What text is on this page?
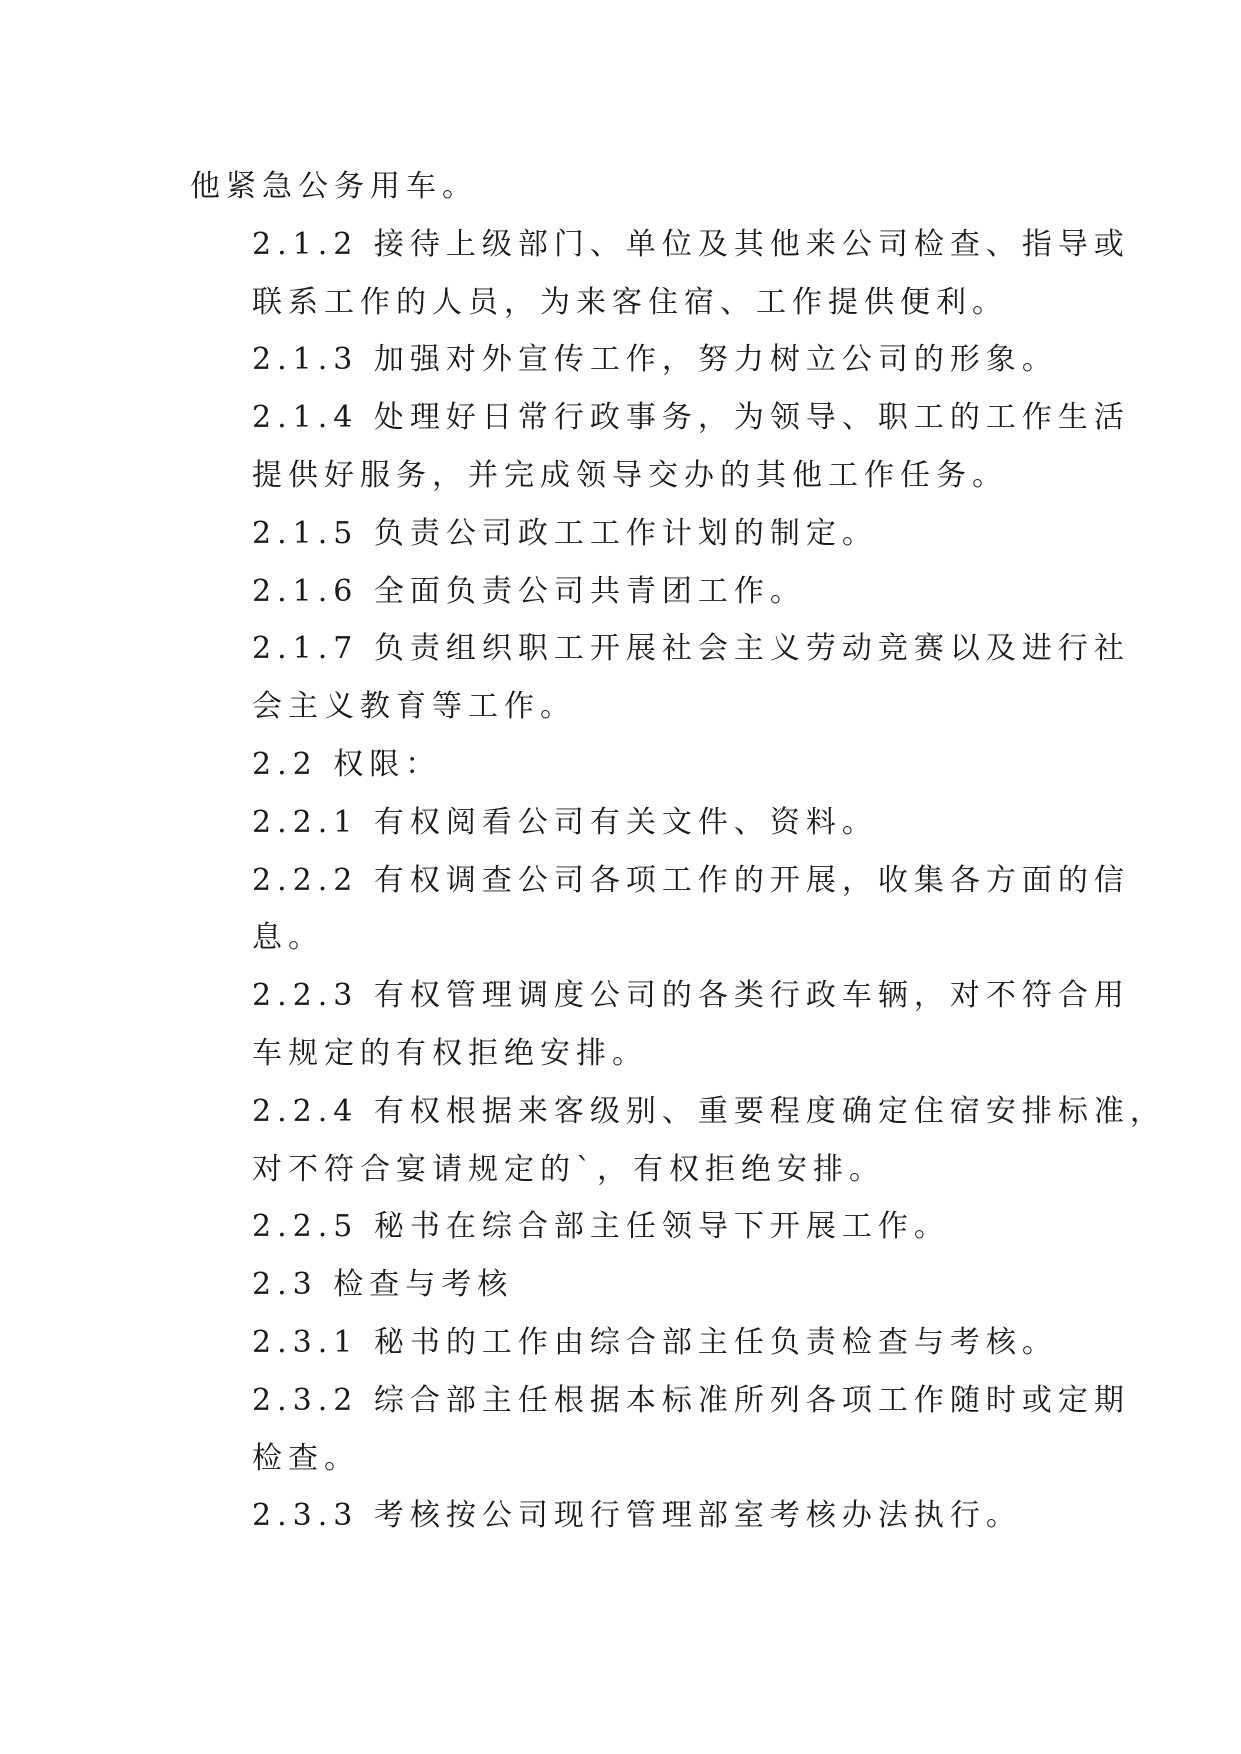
他紧急公务用车。

2.1.2 接待上级部门、单位及其他来公司检查、指导或
联系工作的人员，为来客住宿、工作提供便利。

2.1.3 加强对外宣传工作，努力树立公司的形象。

2.1.4 处理好日常行政事务，为领导、职工的工作生活
提供好服务，并完成领导交办的其他工作任务。

2.1.5 负责公司政工工作计划的制定。

2.1.6 全面负责公司共青团工作。

2.1.7 负责组织职工开展社会主义劳动竞赛以及进行社
会主义教育等工作。

2.2 权限：

2.2.1 有权阅看公司有关文件、资料。

2.2.2 有权调查公司各项工作的开展，收集各方面的信
息。

2.2.3 有权管理调度公司的各类行政车辆，对不符合用
车规定的有权拒绝安排。

2.2.4 有权根据来客级别、重要程度确定住宿安排标准，
对不符合宴请规定的`，有权拒绝安排。

2.2.5 秘书在综合部主任领导下开展工作。

2.3 检查与考核

2.3.1 秘书的工作由综合部主任负责检查与考核。

2.3.2 综合部主任根据本标准所列各项工作随时或定期
检查。

2.3.3 考核按公司现行管理部室考核办法执行。
